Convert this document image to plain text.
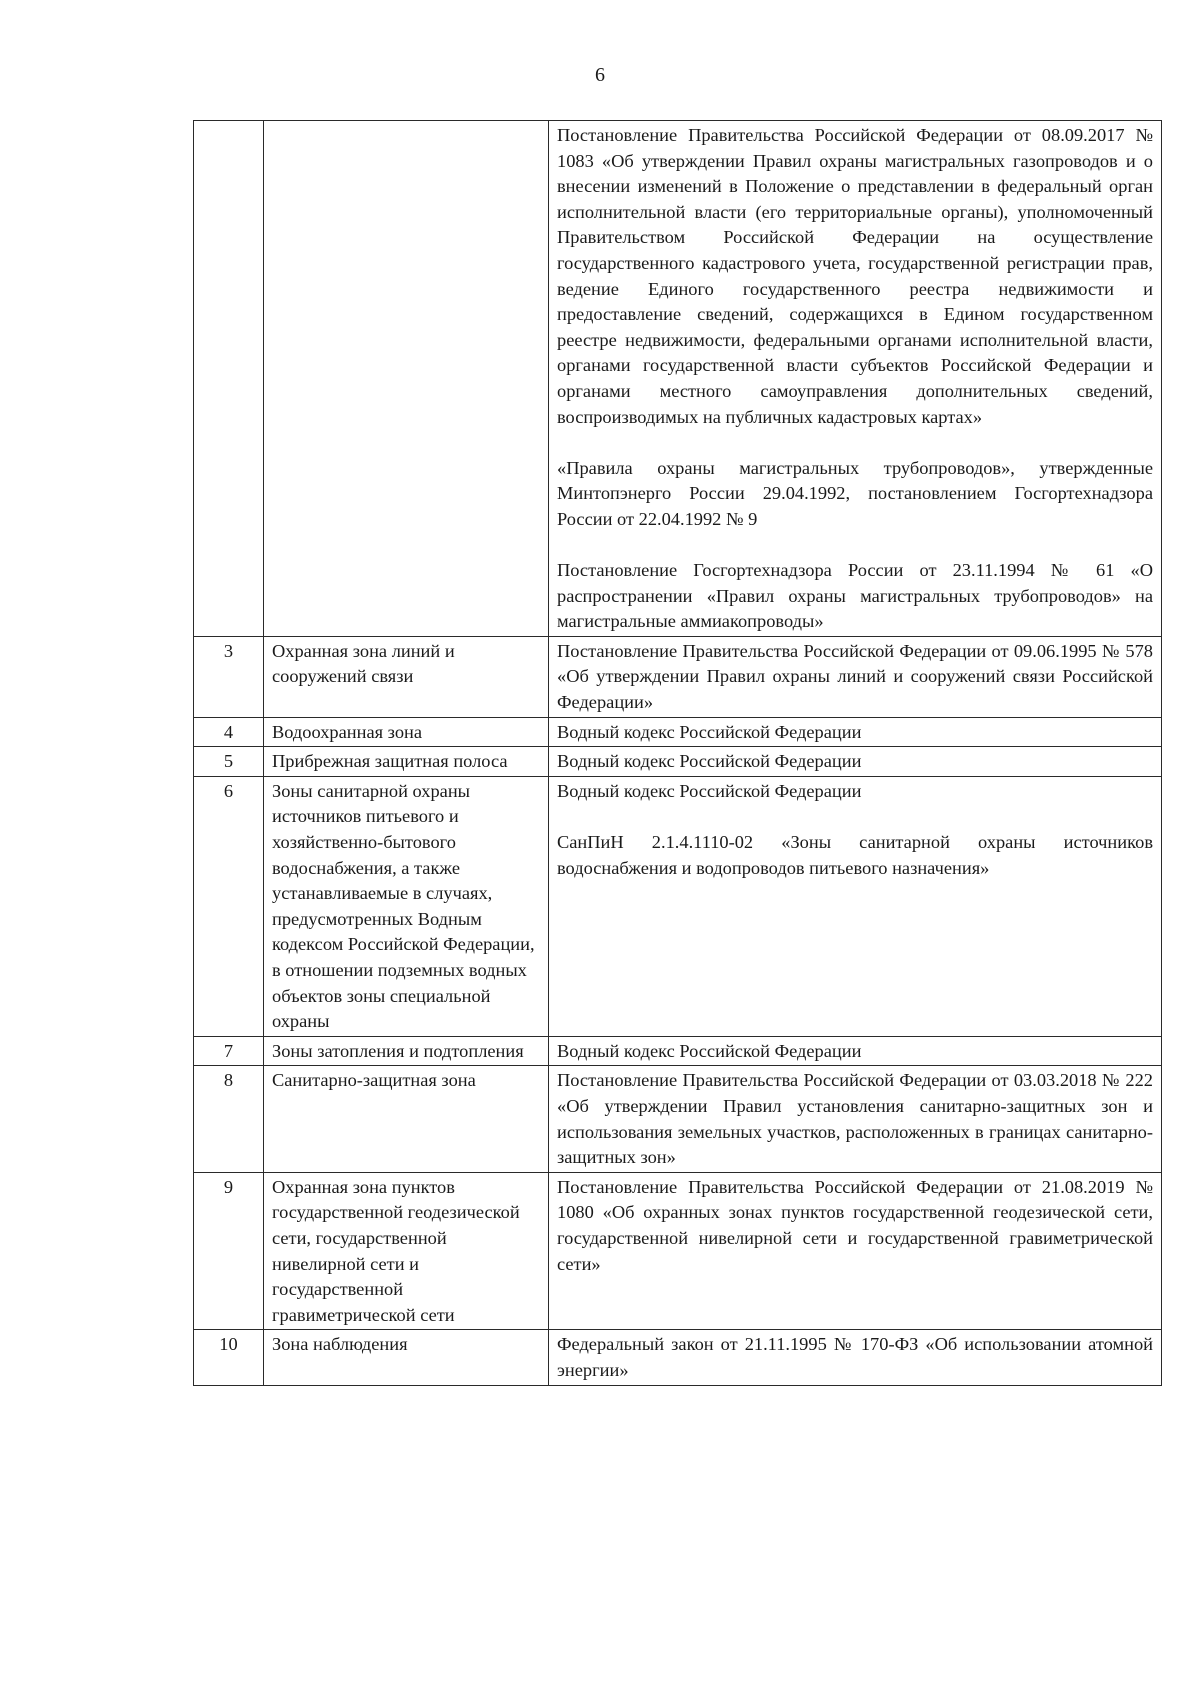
6

		Постановление Правительства Российской Федерации от 08.09.2017 № 1083 «Об утверждении Правил охраны магистральных газопроводов и о внесении изменений в Положение о представлении в федеральный орган исполнительной власти (его территориальные органы), уполномоченный Правительством Российской Федерации на осуществление государственного кадастрового учета, государственной регистрации прав, ведение Единого государственного реестра недвижимости и предоставление сведений, содержащихся в Едином государственном реестре недвижимости, федеральными органами исполнительной власти, органами государственной власти субъектов Российской Федерации и органами местного самоуправления дополнительных сведений, воспроизводимых на публичных кадастровых картах»
«Правила охраны магистральных трубопроводов», утвержденные Минтопэнерго России 29.04.1992, постановлением Госгортехнадзора России от 22.04.1992 № 9
Постановление Госгортехнадзора России от 23.11.1994 № 61 «О распространении «Правил охраны магистральных трубопроводов» на магистральные аммиакопроводы»

3	Охранная зона линий и сооружений связи	Постановление Правительства Российской Федерации от 09.06.1995 № 578 «Об утверждении Правил охраны линий и сооружений связи Российской Федерации»

4	Водоохранная зона	Водный кодекс Российской Федерации

5	Прибрежная защитная полоса	Водный кодекс Российской Федерации

6	Зоны санитарной охраны источников питьевого и хозяйственно-бытового водоснабжения, а также устанавливаемые в случаях, предусмотренных Водным кодексом Российской Федерации, в отношении подземных водных объектов зоны специальной охраны	Водный кодекс Российской Федерации
СанПиН 2.1.4.1110-02 «Зоны санитарной охраны источников водоснабжения и водопроводов питьевого назначения»

7	Зоны затопления и подтопления	Водный кодекс Российской Федерации

8	Санитарно-защитная зона	Постановление Правительства Российской Федерации от 03.03.2018 № 222 «Об утверждении Правил установления санитарно-защитных зон и использования земельных участков, расположенных в границах санитарно-защитных зон»

9	Охранная зона пунктов государственной геодезической сети, государственной нивелирной сети и государственной гравиметрической сети	Постановление Правительства Российской Федерации от 21.08.2019 № 1080 «Об охранных зонах пунктов государственной геодезической сети, государственной нивелирной сети и государственной гравиметрической сети»

10	Зона наблюдения	Федеральный закон от 21.11.1995 № 170-ФЗ «Об использовании атомной энергии»
